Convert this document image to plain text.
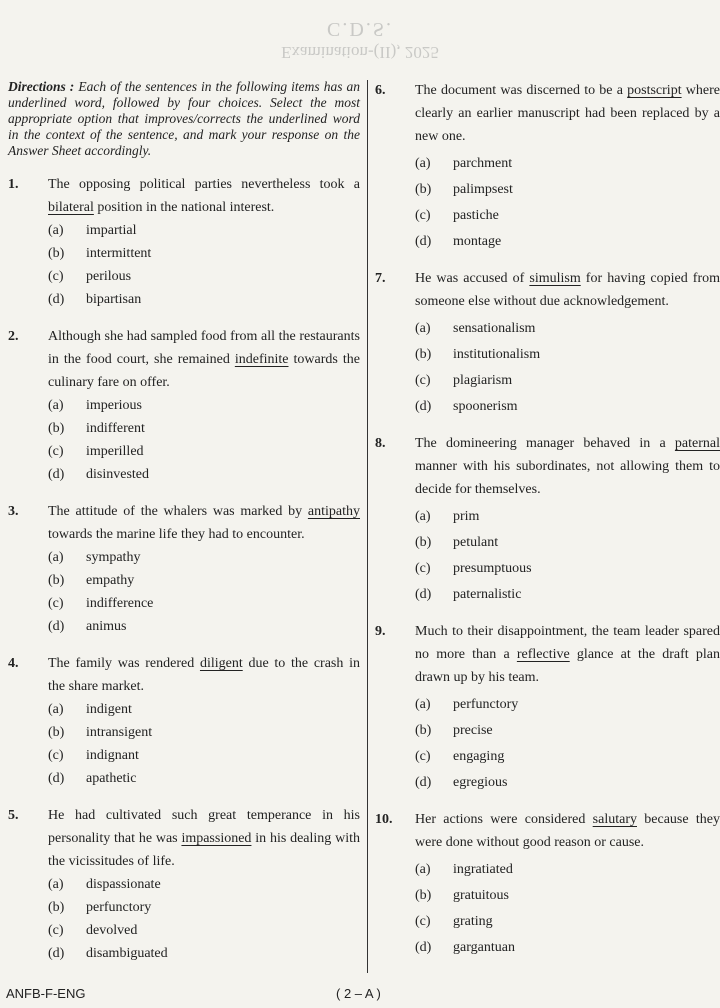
C.D.S.
Examination-(II), 2025

Directions : Each of the sentences in the following items has an underlined word, followed by four choices. Select the most appropriate option that improves/corrects the underlined word in the context of the sentence, and mark your response on the Answer Sheet accordingly.

1. The opposing political parties nevertheless took a bilateral position in the national interest.
(a)	impartial
(b)	intermittent
(c)	perilous
(d)	bipartisan
2. Although she had sampled food from all the restaurants in the food court, she remained indefinite towards the culinary fare on offer.
(a)	imperious
(b)	indifferent
(c)	imperilled
(d)	disinvested
3. The attitude of the whalers was marked by antipathy towards the marine life they had to encounter.
(a)	sympathy
(b)	empathy
(c)	indifference
(d)	animus
4. The family was rendered diligent due to the crash in the share market.
(a)	indigent
(b)	intransigent
(c)	indignant
(d)	apathetic
5. He had cultivated such great temperance in his personality that he was impassioned in his dealing with the vicissitudes of life.
(a)	dispassionate
(b)	perfunctory
(c)	devolved
(d)	disambiguated
6. The document was discerned to be a postscript where clearly an earlier manuscript had been replaced by a new one.
(a)	parchment
(b)	palimpsest
(c)	pastiche
(d)	montage
7. He was accused of simulism for having copied from someone else without due acknowledgement.
(a)	sensationalism
(b)	institutionalism
(c)	plagiarism
(d)	spoonerism
8. The domineering manager behaved in a paternal manner with his subordinates, not allowing them to decide for themselves.
(a)	prim
(b)	petulant
(c)	presumptuous
(d)	paternalistic
9. Much to their disappointment, the team leader spared no more than a reflective glance at the draft plan drawn up by his team.
(a)	perfunctory
(b)	precise
(c)	engaging
(d)	egregious
10. Her actions were considered salutary because they were done without good reason or cause.
(a)	ingratiated
(b)	gratuitous
(c)	grating
(d)	gargantuan
ANFB-F-ENG	( 2 – A )
